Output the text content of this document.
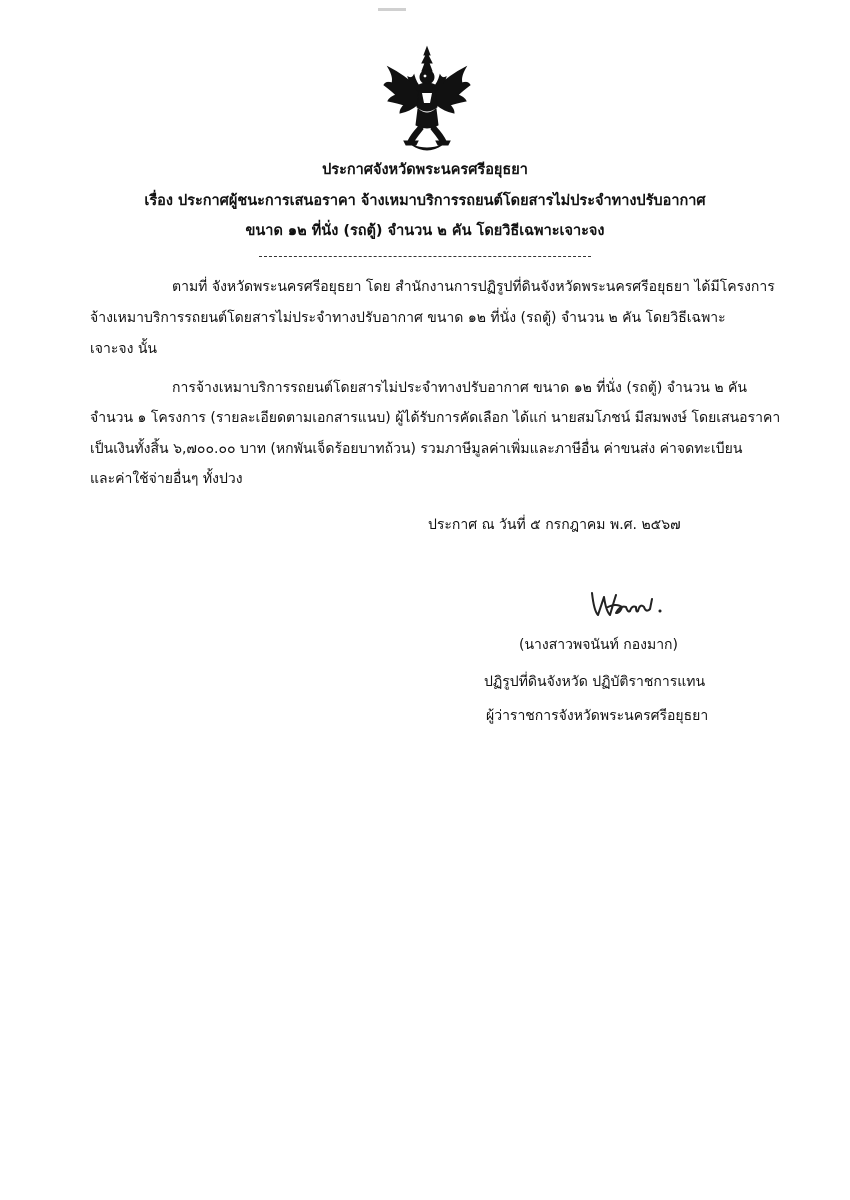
ประกาศจังหวัดพระนครศรีอยุธยา
เรื่อง ประกาศผู้ชนะการเสนอราคา จ้างเหมาบริการรถยนต์โดยสารไม่ประจำทางปรับอากาศ
ขนาด ๑๒ ที่นั่ง (รถตู้) จำนวน ๒ คัน โดยวิธีเฉพาะเจาะจง
ตามที่ จังหวัดพระนครศรีอยุธยา โดย สำนักงานการปฏิรูปที่ดินจังหวัดพระนครศรีอยุธยา ได้มีโครงการ
จ้างเหมาบริการรถยนต์โดยสารไม่ประจำทางปรับอากาศ ขนาด ๑๒ ที่นั่ง (รถตู้) จำนวน ๒ คัน โดยวิธีเฉพาะ
เจาะจง นั้น
การจ้างเหมาบริการรถยนต์โดยสารไม่ประจำทางปรับอากาศ ขนาด ๑๒ ที่นั่ง (รถตู้) จำนวน ๒ คัน
จำนวน ๑ โครงการ (รายละเอียดตามเอกสารแนบ) ผู้ได้รับการคัดเลือก ได้แก่ นายสมโภชน์ มีสมพงษ์ โดยเสนอราคา
เป็นเงินทั้งสิ้น ๖,๗๐๐.๐๐ บาท (หกพันเจ็ดร้อยบาทถ้วน) รวมภาษีมูลค่าเพิ่มและภาษีอื่น ค่าขนส่ง ค่าจดทะเบียน
และค่าใช้จ่ายอื่นๆ ทั้งปวง
ประกาศ ณ วันที่ ๕ กรกฎาคม พ.ศ. ๒๕๖๗
(นางสาวพจนันท์ กองมาก)
ปฏิรูปที่ดินจังหวัด ปฏิบัติราชการแทน
ผู้ว่าราชการจังหวัดพระนครศรีอยุธยา
